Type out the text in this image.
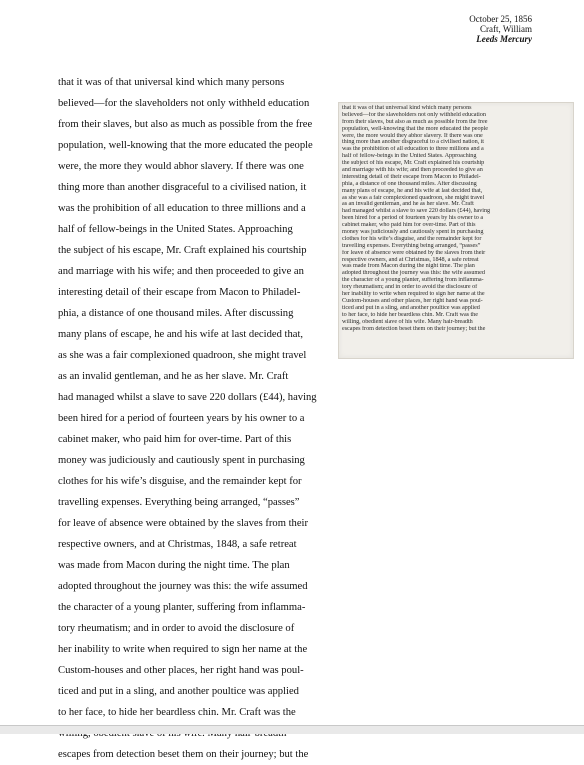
October 25, 1856
Craft, William
Leeds Mercury
that it was of that universal kind which many persons
believed—for the slaveholders not only withheld education
from their slaves, but also as much as possible from the free
population, well-knowing that the more educated the people
were, the more they would abhor slavery. If there was one
thing more than another disgraceful to a civilised nation, it
was the prohibition of all education to three millions and a
half of fellow-beings in the United States. Approaching
the subject of his escape, Mr. Craft explained his courtship
and marriage with his wife; and then proceeded to give an
interesting detail of their escape from Macon to Philadel-
phia, a distance of one thousand miles. After discussing
many plans of escape, he and his wife at last decided that,
as she was a fair complexioned quadroon, she might travel
as an invalid gentleman, and he as her slave. Mr. Craft
had managed whilst a slave to save 220 dollars (£44), having
been hired for a period of fourteen years by his owner to a
cabinet maker, who paid him for over-time. Part of this
money was judiciously and cautiously spent in purchasing
clothes for his wife’s disguise, and the remainder kept for
travelling expenses. Everything being arranged, “passes”
for leave of absence were obtained by the slaves from their
respective owners, and at Christmas, 1848, a safe retreat
was made from Macon during the night time. The plan
adopted throughout the journey was this: the wife assumed
the character of a young planter, suffering from inflamma-
tory rheumatism; and in order to avoid the disclosure of
her inability to write when required to sign her name at the
Custom-houses and other places, her right hand was poul-
ticed and put in a sling, and another poultice was applied
to her face, to hide her beardless chin. Mr. Craft was the
escapes from detection beset them on their journey; but the
that it was of that universal kind which many persons
believed—for the slaveholders not only withheld education
from their slaves, but also as much as possible from the free
population, well-knowing that the more educated the people
were, the more would they abhor slavery. If there was one
thing more than another disgraceful to a civilised nation, it
was the prohibition of all education to three millions and a
half of fellow-beings in the United States. Approaching
the subject of his escape, Mr. Craft explained his courtship
and marriage with his wife; and then proceeded to give an
interesting detail of their escape from Macon to Philadel-
phia, a distance of one thousand miles. After discussing
many plans of escape, he and his wife at last decided that,
as she was a fair complexioned quadroon, she might travel
as an invalid gentleman, and he as her slave. Mr. Craft
had managed whilst a slave to save 220 dollars (£44), having
been hired for a period of fourteen years by his owner to a
cabinet maker, who paid him for over-time. Part of this
money was judiciously and cautiously spent in purchasing
clothes for his wife’s disguise, and the remainder kept for
travelling expenses. Everything being arranged, “passes”
for leave of absence were obtained by the slaves from their
respective owners, and at Christmas, 1848, a safe retreat
was made from Macon during the night time. The plan
adopted throughout the journey was this: the wife assumed
the character of a young planter, suffering from inflamma-
tory rheumatism; and in order to avoid the disclosure of
her inability to write when required to sign her name at the
Custom-houses and other places, her right hand was poul-
ticed and put in a sling, and another poultice was applied
to her face, to hide her beardless chin. Mr. Craft was the
willing, obedient slave of his wife. Many hair-breadth
escapes from detection beset them on their journey; but the
